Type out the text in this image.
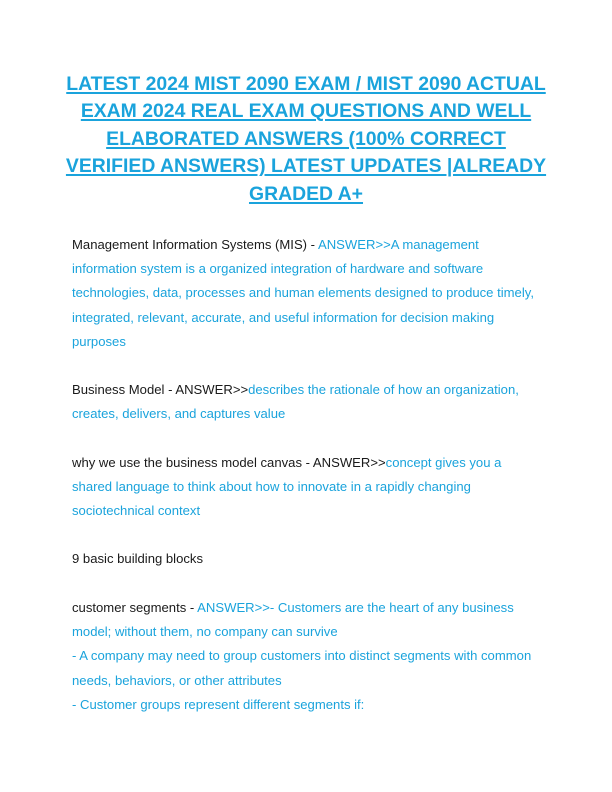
LATEST 2024 MIST 2090 EXAM / MIST 2090 ACTUAL EXAM 2024 REAL EXAM QUESTIONS AND WELL ELABORATED ANSWERS (100% CORRECT VERIFIED ANSWERS) LATEST UPDATES |ALREADY GRADED A+
Management Information Systems (MIS) - ANSWER>>A management information system is a organized integration of hardware and software technologies, data, processes and human elements designed to produce timely, integrated, relevant, accurate, and useful information for decision making purposes
Business Model - ANSWER>>describes the rationale of how an organization, creates, delivers, and captures value
why we use the business model canvas - ANSWER>>concept gives you a shared language to think about how to innovate in a rapidly changing sociotechnical context
9 basic building blocks
customer segments - ANSWER>>- Customers are the heart of any business model; without them, no company can survive
- A company may need to group customers into distinct segments with common needs, behaviors, or other attributes
- Customer groups represent different segments if:
